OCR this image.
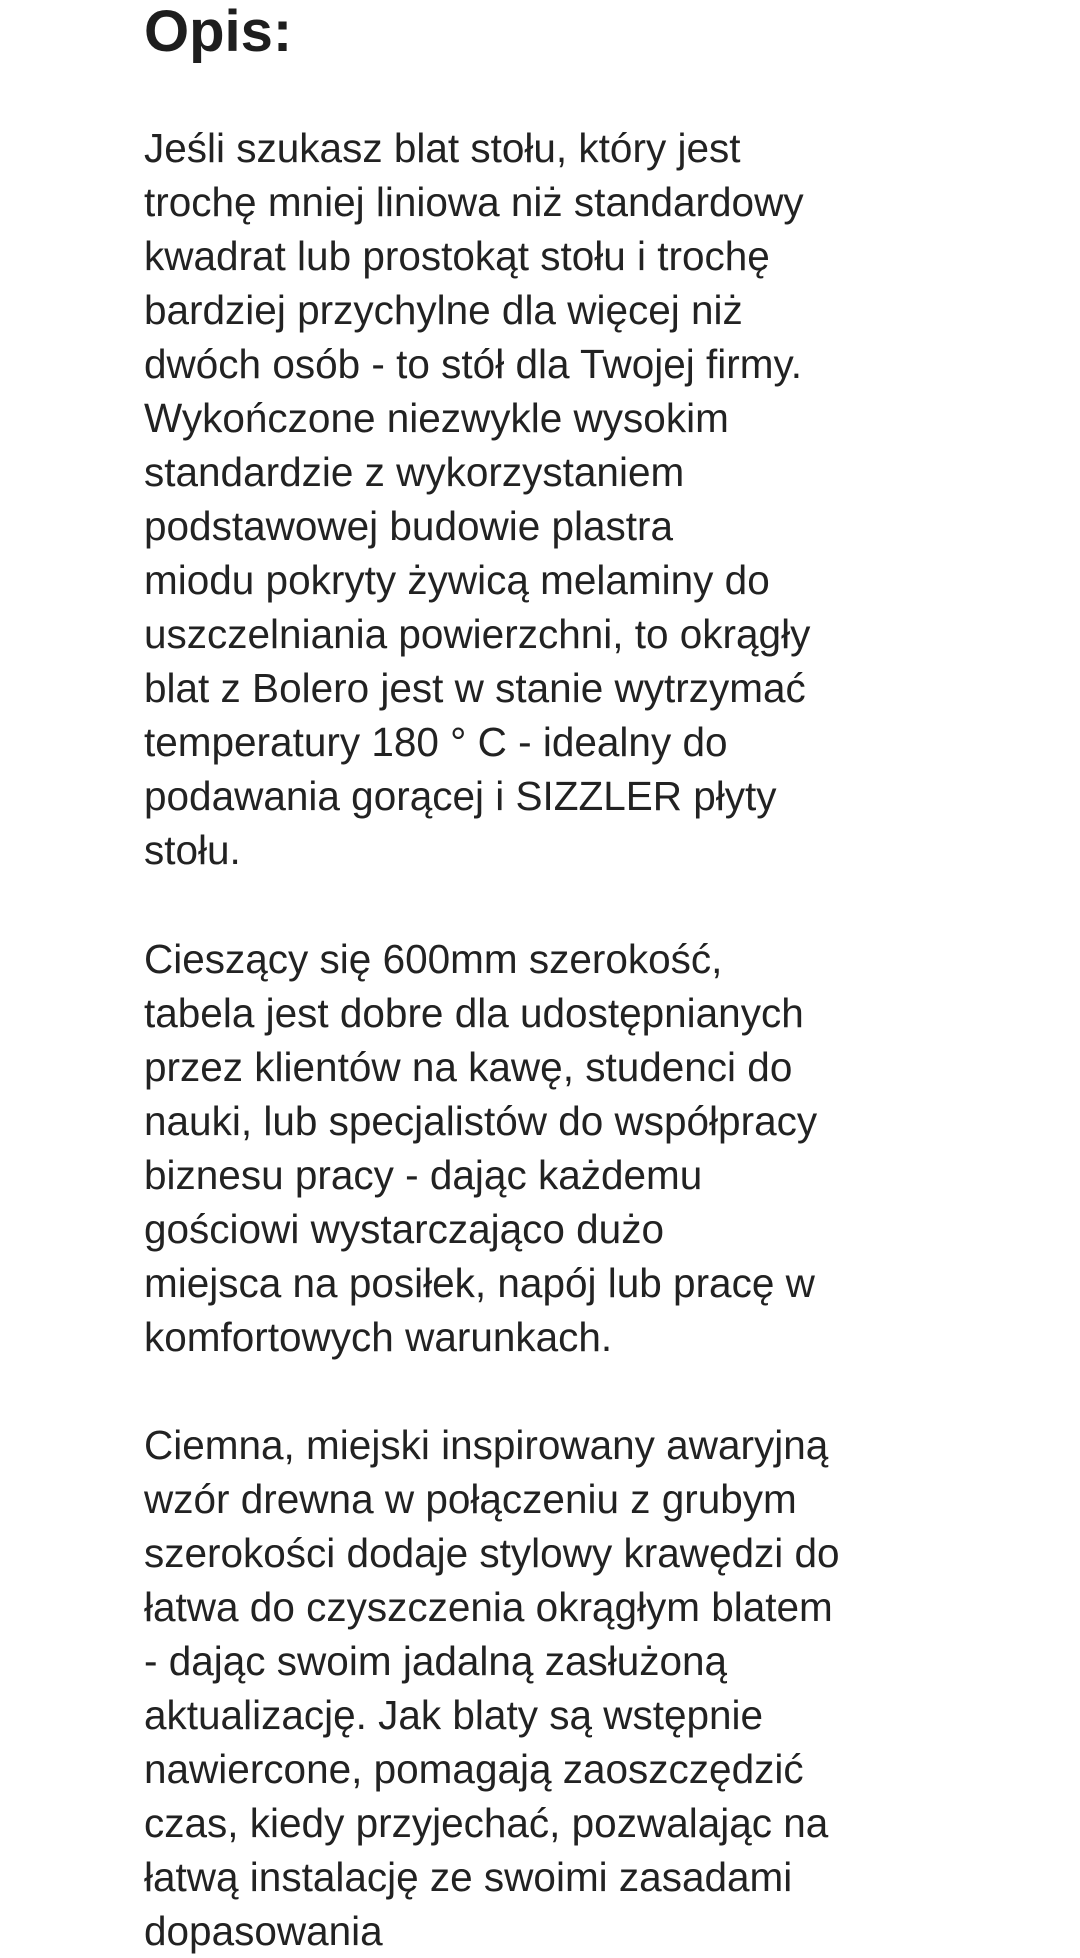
Opis:

Jeśli szukasz blat stołu, który jest
trochę mniej liniowa niż standardowy
kwadrat lub prostokąt stołu i trochę
bardziej przychylne dla więcej niż
dwóch osób - to stół dla Twojej firmy.
Wykończone niezwykle wysokim
standardzie z wykorzystaniem
podstawowej budowie plastra
miodu pokryty żywicą melaminy do
uszczelniania powierzchni, to okrągły
blat z Bolero jest w stanie wytrzymać
temperatury 180 ° C - idealny do
podawania gorącej i SIZZLER płyty
stołu.

Cieszący się 600mm szerokość,
tabela jest dobre dla udostępnianych
przez klientów na kawę, studenci do
nauki, lub specjalistów do współpracy
biznesu pracy - dając każdemu
gościowi wystarczająco dużo
miejsca na posiłek, napój lub pracę w
komfortowych warunkach.

Ciemna, miejski inspirowany awaryjną
wzór drewna w połączeniu z grubym
szerokości dodaje stylowy krawędzi do
łatwa do czyszczenia okrągłym blatem
- dając swoim jadalną zasłużoną
aktualizację. Jak blaty są wstępnie
nawiercone, pomagają zaoszczędzić
czas, kiedy przyjechać, pozwalając na
łatwą instalację ze swoimi zasadami
dopasowania
